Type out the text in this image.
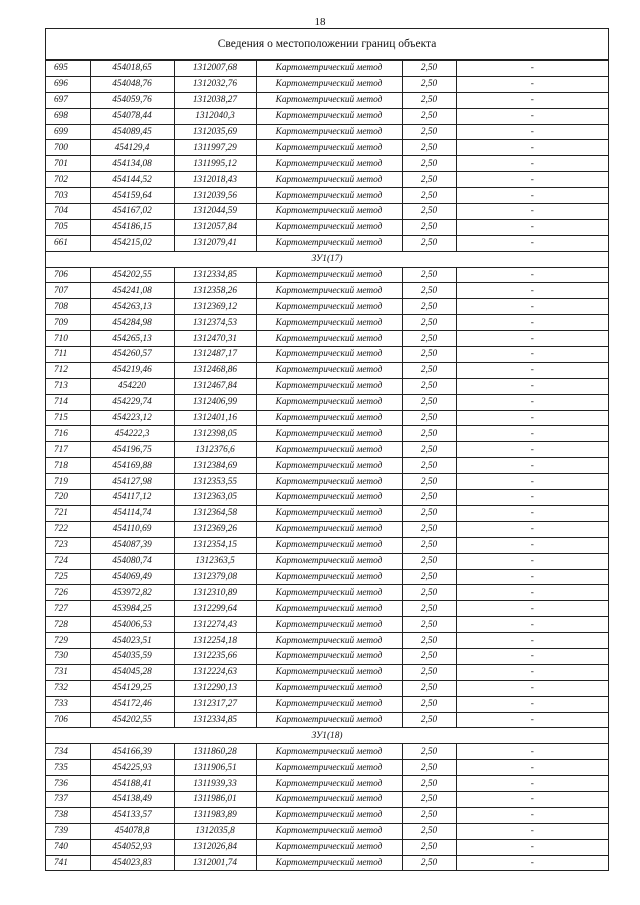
18
Сведения о местоположении границ объекта
695	454018,65	1312007,68	Картометрический метод	2,50	-
696	454048,76	1312032,76	Картометрический метод	2,50	-
697	454059,76	1312038,27	Картометрический метод	2,50	-
698	454078,44	1312040,3	Картометрический метод	2,50	-
699	454089,45	1312035,69	Картометрический метод	2,50	-
700	454129,4	1311997,29	Картометрический метод	2,50	-
701	454134,08	1311995,12	Картометрический метод	2,50	-
702	454144,52	1312018,43	Картометрический метод	2,50	-
703	454159,64	1312039,56	Картометрический метод	2,50	-
704	454167,02	1312044,59	Картометрический метод	2,50	-
705	454186,15	1312057,84	Картометрический метод	2,50	-
661	454215,02	1312079,41	Картометрический метод	2,50	-
ЗУ1(17)					
706	454202,55	1312334,85	Картометрический метод	2,50	-
707	454241,08	1312358,26	Картометрический метод	2,50	-
708	454263,13	1312369,12	Картометрический метод	2,50	-
709	454284,98	1312374,53	Картометрический метод	2,50	-
710	454265,13	1312470,31	Картометрический метод	2,50	-
711	454260,57	1312487,17	Картометрический метод	2,50	-
712	454219,46	1312468,86	Картометрический метод	2,50	-
713	454220	1312467,84	Картометрический метод	2,50	-
714	454229,74	1312406,99	Картометрический метод	2,50	-
715	454223,12	1312401,16	Картометрический метод	2,50	-
716	454222,3	1312398,05	Картометрический метод	2,50	-
717	454196,75	1312376,6	Картометрический метод	2,50	-
718	454169,88	1312384,69	Картометрический метод	2,50	-
719	454127,98	1312353,55	Картометрический метод	2,50	-
720	454117,12	1312363,05	Картометрический метод	2,50	-
721	454114,74	1312364,58	Картометрический метод	2,50	-
722	454110,69	1312369,26	Картометрический метод	2,50	-
723	454087,39	1312354,15	Картометрический метод	2,50	-
724	454080,74	1312363,5	Картометрический метод	2,50	-
725	454069,49	1312379,08	Картометрический метод	2,50	-
726	453972,82	1312310,89	Картометрический метод	2,50	-
727	453984,25	1312299,64	Картометрический метод	2,50	-
728	454006,53	1312274,43	Картометрический метод	2,50	-
729	454023,51	1312254,18	Картометрический метод	2,50	-
730	454035,59	1312235,66	Картометрический метод	2,50	-
731	454045,28	1312224,63	Картометрический метод	2,50	-
732	454129,25	1312290,13	Картометрический метод	2,50	-
733	454172,46	1312317,27	Картометрический метод	2,50	-
706	454202,55	1312334,85	Картометрический метод	2,50	-
ЗУ1(18)					
734	454166,39	1311860,28	Картометрический метод	2,50	-
735	454225,93	1311906,51	Картометрический метод	2,50	-
736	454188,41	1311939,33	Картометрический метод	2,50	-
737	454138,49	1311986,01	Картометрический метод	2,50	-
738	454133,57	1311983,89	Картометрический метод	2,50	-
739	454078,8	1312035,8	Картометрический метод	2,50	-
740	454052,93	1312026,84	Картометрический метод	2,50	-
741	454023,83	1312001,74	Картометрический метод	2,50	-
